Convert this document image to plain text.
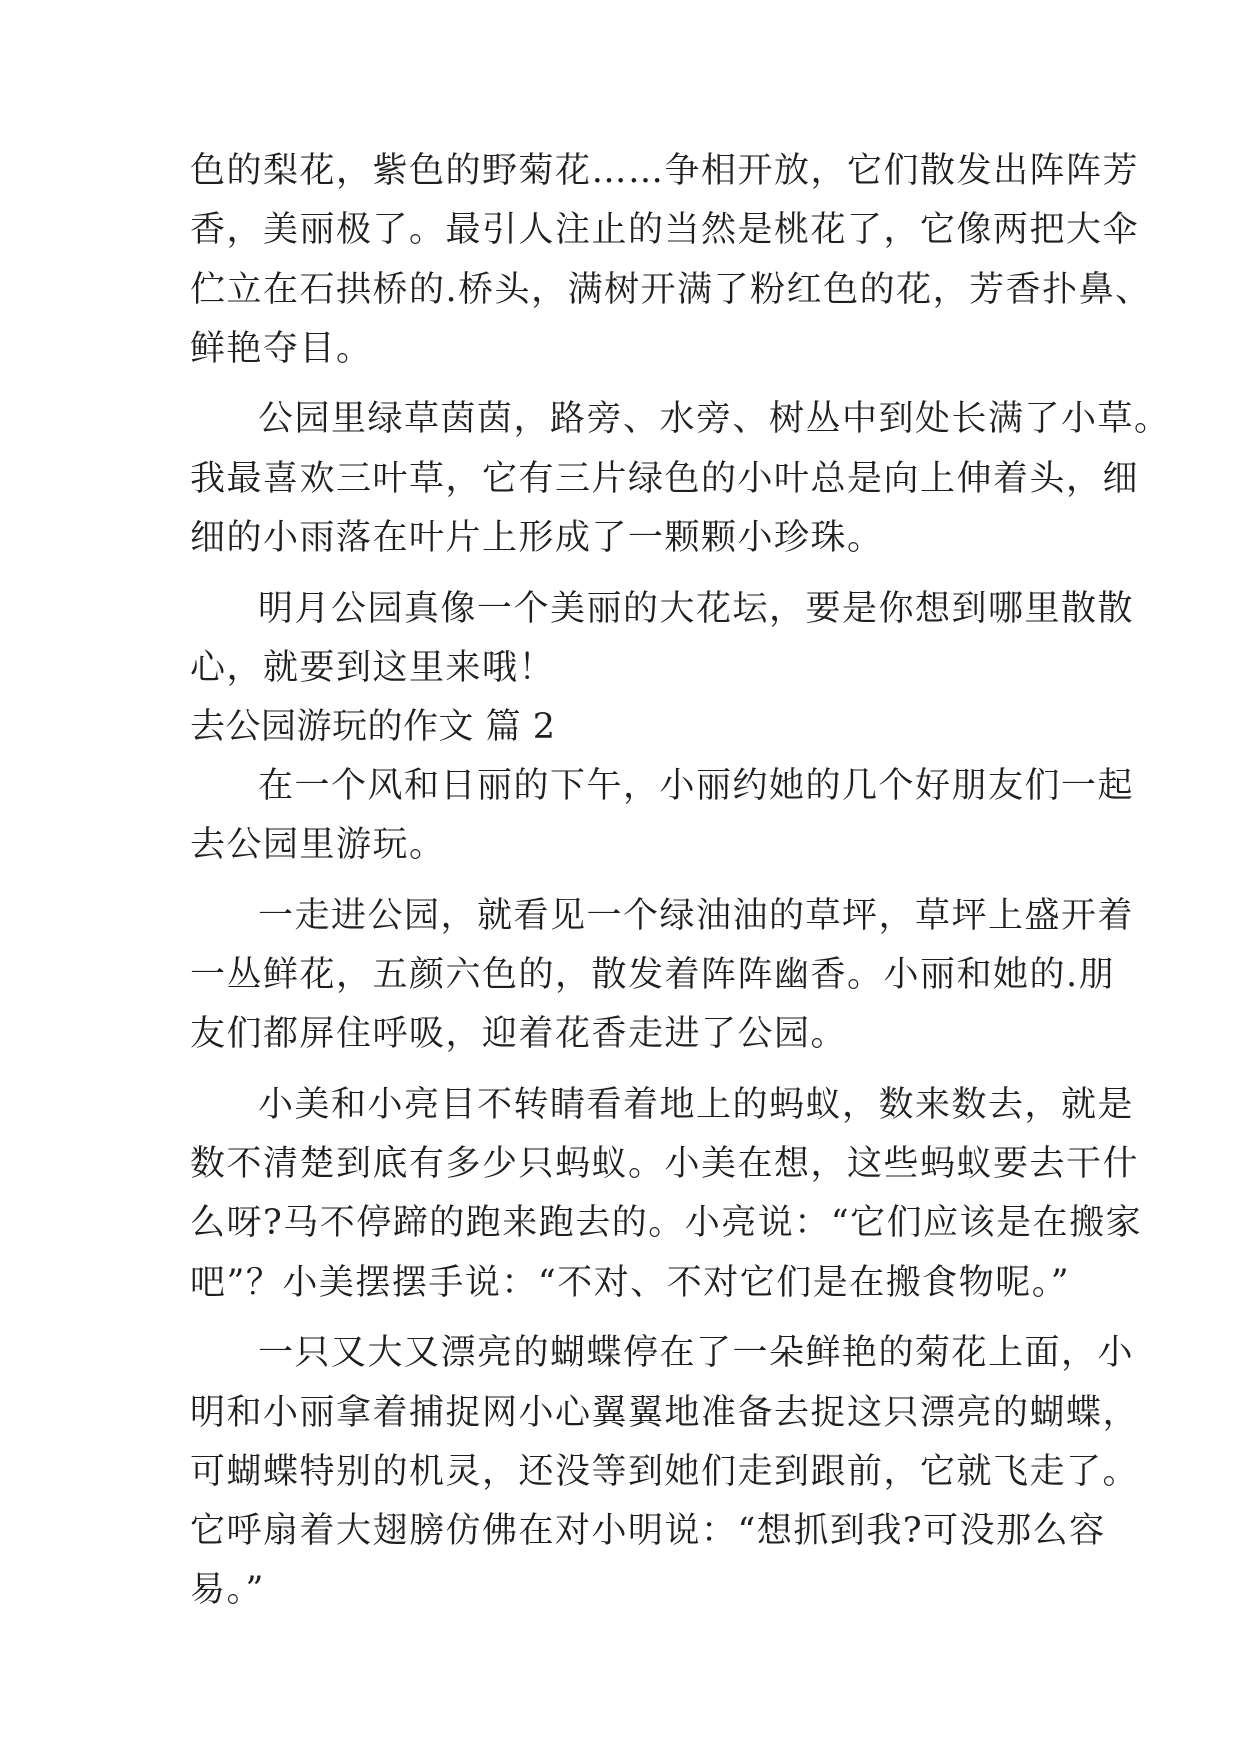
色的梨花，紫色的野菊花……争相开放，它们散发出阵阵芳
香，美丽极了。最引人注止的当然是桃花了，它像两把大伞
伫立在石拱桥的.桥头，满树开满了粉红色的花，芳香扑鼻、
鲜艳夺目。
公园里绿草茵茵，路旁、水旁、树丛中到处长满了小草。
我最喜欢三叶草，它有三片绿色的小叶总是向上伸着头，细
细的小雨落在叶片上形成了一颗颗小珍珠。
明月公园真像一个美丽的大花坛，要是你想到哪里散散
心，就要到这里来哦！
去公园游玩的作文 篇 2
在一个风和日丽的下午，小丽约她的几个好朋友们一起
去公园里游玩。
一走进公园，就看见一个绿油油的草坪，草坪上盛开着
一丛鲜花，五颜六色的，散发着阵阵幽香。小丽和她的.朋
友们都屏住呼吸，迎着花香走进了公园。
小美和小亮目不转睛看着地上的蚂蚁，数来数去，就是
数不清楚到底有多少只蚂蚁。小美在想，这些蚂蚁要去干什
么呀?马不停蹄的跑来跑去的。小亮说：“它们应该是在搬家
吧”？小美摆摆手说：“不对、不对它们是在搬食物呢。”
一只又大又漂亮的蝴蝶停在了一朵鲜艳的菊花上面，小
明和小丽拿着捕捉网小心翼翼地准备去捉这只漂亮的蝴蝶，
可蝴蝶特别的机灵，还没等到她们走到跟前，它就飞走了。
它呼扇着大翅膀仿佛在对小明说：“想抓到我?可没那么容
易。”
